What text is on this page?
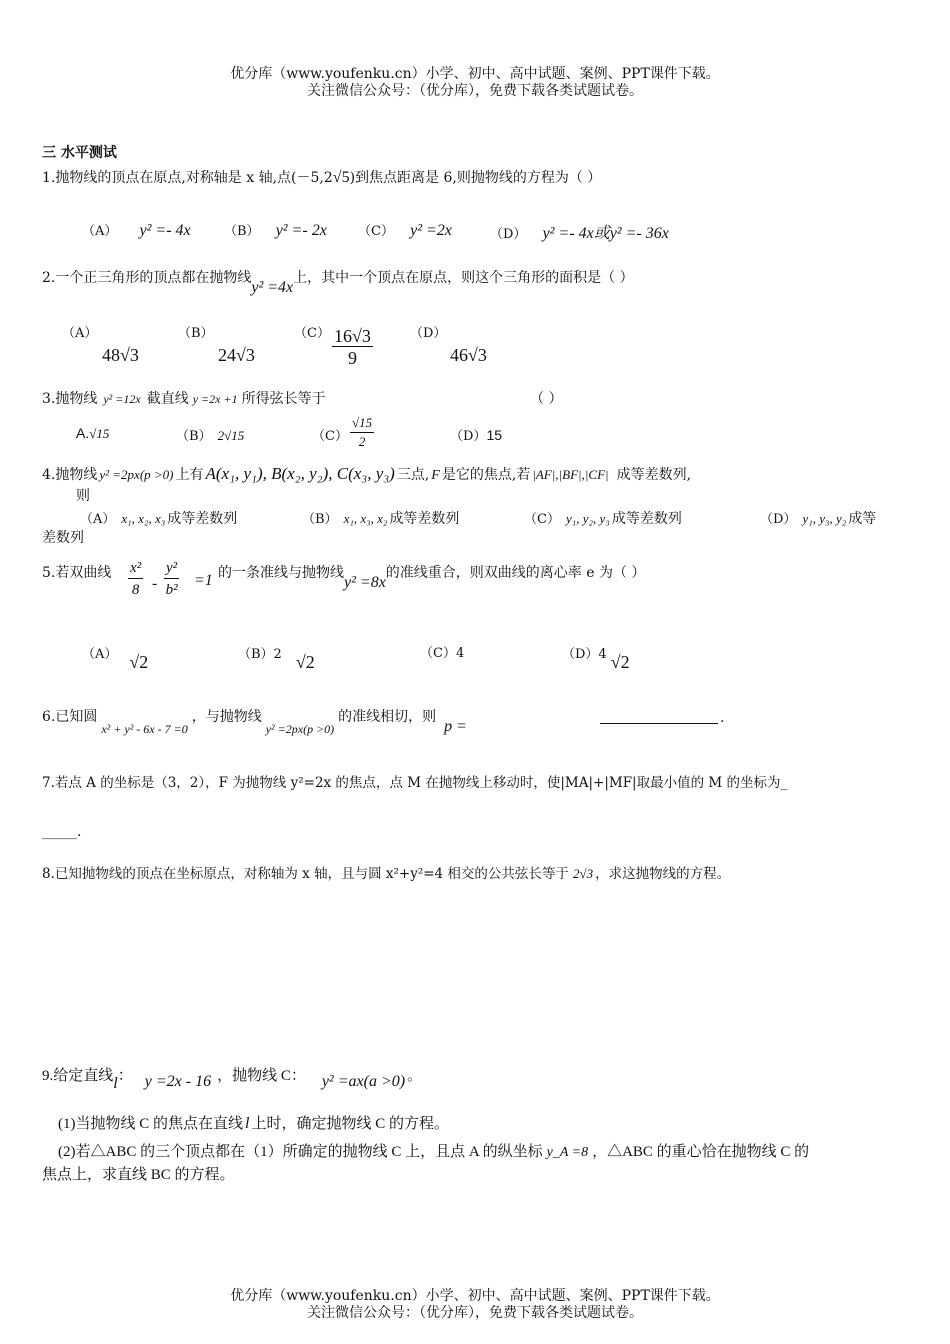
优分库（www.youfenku.cn）小学、初中、高中试题、案例、PPT课件下载。
关注微信公众号：（优分库），免费下载各类试题试卷。
三 水平测试
1.抛物线的顶点在原点,对称轴是 x 轴,点(－5,2√5)到焦点距离是 6,则抛物线的方程为（ ）
（A） y² =- 4x	（B） y² =- 2x （C） y² =2x	（D） y² =- 4x或y² =- 36x
2.一个正三角形的顶点都在抛物线y² =4x上，其中一个顶点在原点，则这个三角形的面积是（ ）
（A）
48√3
（B）
24√3
$(C) \frac{16√3}{9}$	（D）
46√3
3.抛物线 y² =12x 截直线 y =2x +1 所得弦长等于	（ ）
A.√15	（B） 2√15	$(C) \frac{√15}{2}$	（D）15
4.抛物线 y² =2px(p >0) 上有 A(x₁, y₁), B(x₂, y₂), C(x₃, y₃) 三点, F 是它的焦点,若 |AF|,|BF|,|CF| 成等差数列,
则
（A） x₁, x₂, x₃ 成等差数列	（B） x₁, x₃, x₂ 成等差数列	（C） y₁, y₂, y₃ 成等差数列	（D） y₁, y₃, y₂ 成等
差数列
5.若双曲线 $\frac{\text{x²}}{8} - \frac{\text{y²}}{\text{b²}} =1$ 的一条准线与抛物线y² =8x的准线重合，则双曲线的离心率 e 为（ ）
（A） √2	（B）2 √2	（C）4	（D）4 √2
6.已知圆x² + y² - 6x - 7 =0，与抛物线y² =2px(p >0)的准线相切，则p =	.
7.若点 A 的坐标是（3，2），F 为抛物线 y²=2x 的焦点，点 M 在抛物线上移动时，使|MA|+|MF|取最小值的 M 的坐标为_
_____.
8.已知抛物线的顶点在坐标原点，对称轴为 x 轴，且与圆 x²+y²=4 相交的公共弦长等于 2√3 ，求这抛物线的方程。
9.给定直线l： y =2x - 16 ，抛物线 C： y² =ax(a >0) 。
(1)当抛物线 C 的焦点在直线 l 上时，确定抛物线 C 的方程。
(2)若△ABC 的三个顶点都在（1）所确定的抛物线 C 上，且点 A 的纵坐标 y_A =8 ，△ABC 的重心恰在抛物线 C 的
焦点上，求直线 BC 的方程。
优分库（www.youfenku.cn）小学、初中、高中试题、案例、PPT课件下载。
关注微信公众号：（优分库），免费下载各类试题试卷。
